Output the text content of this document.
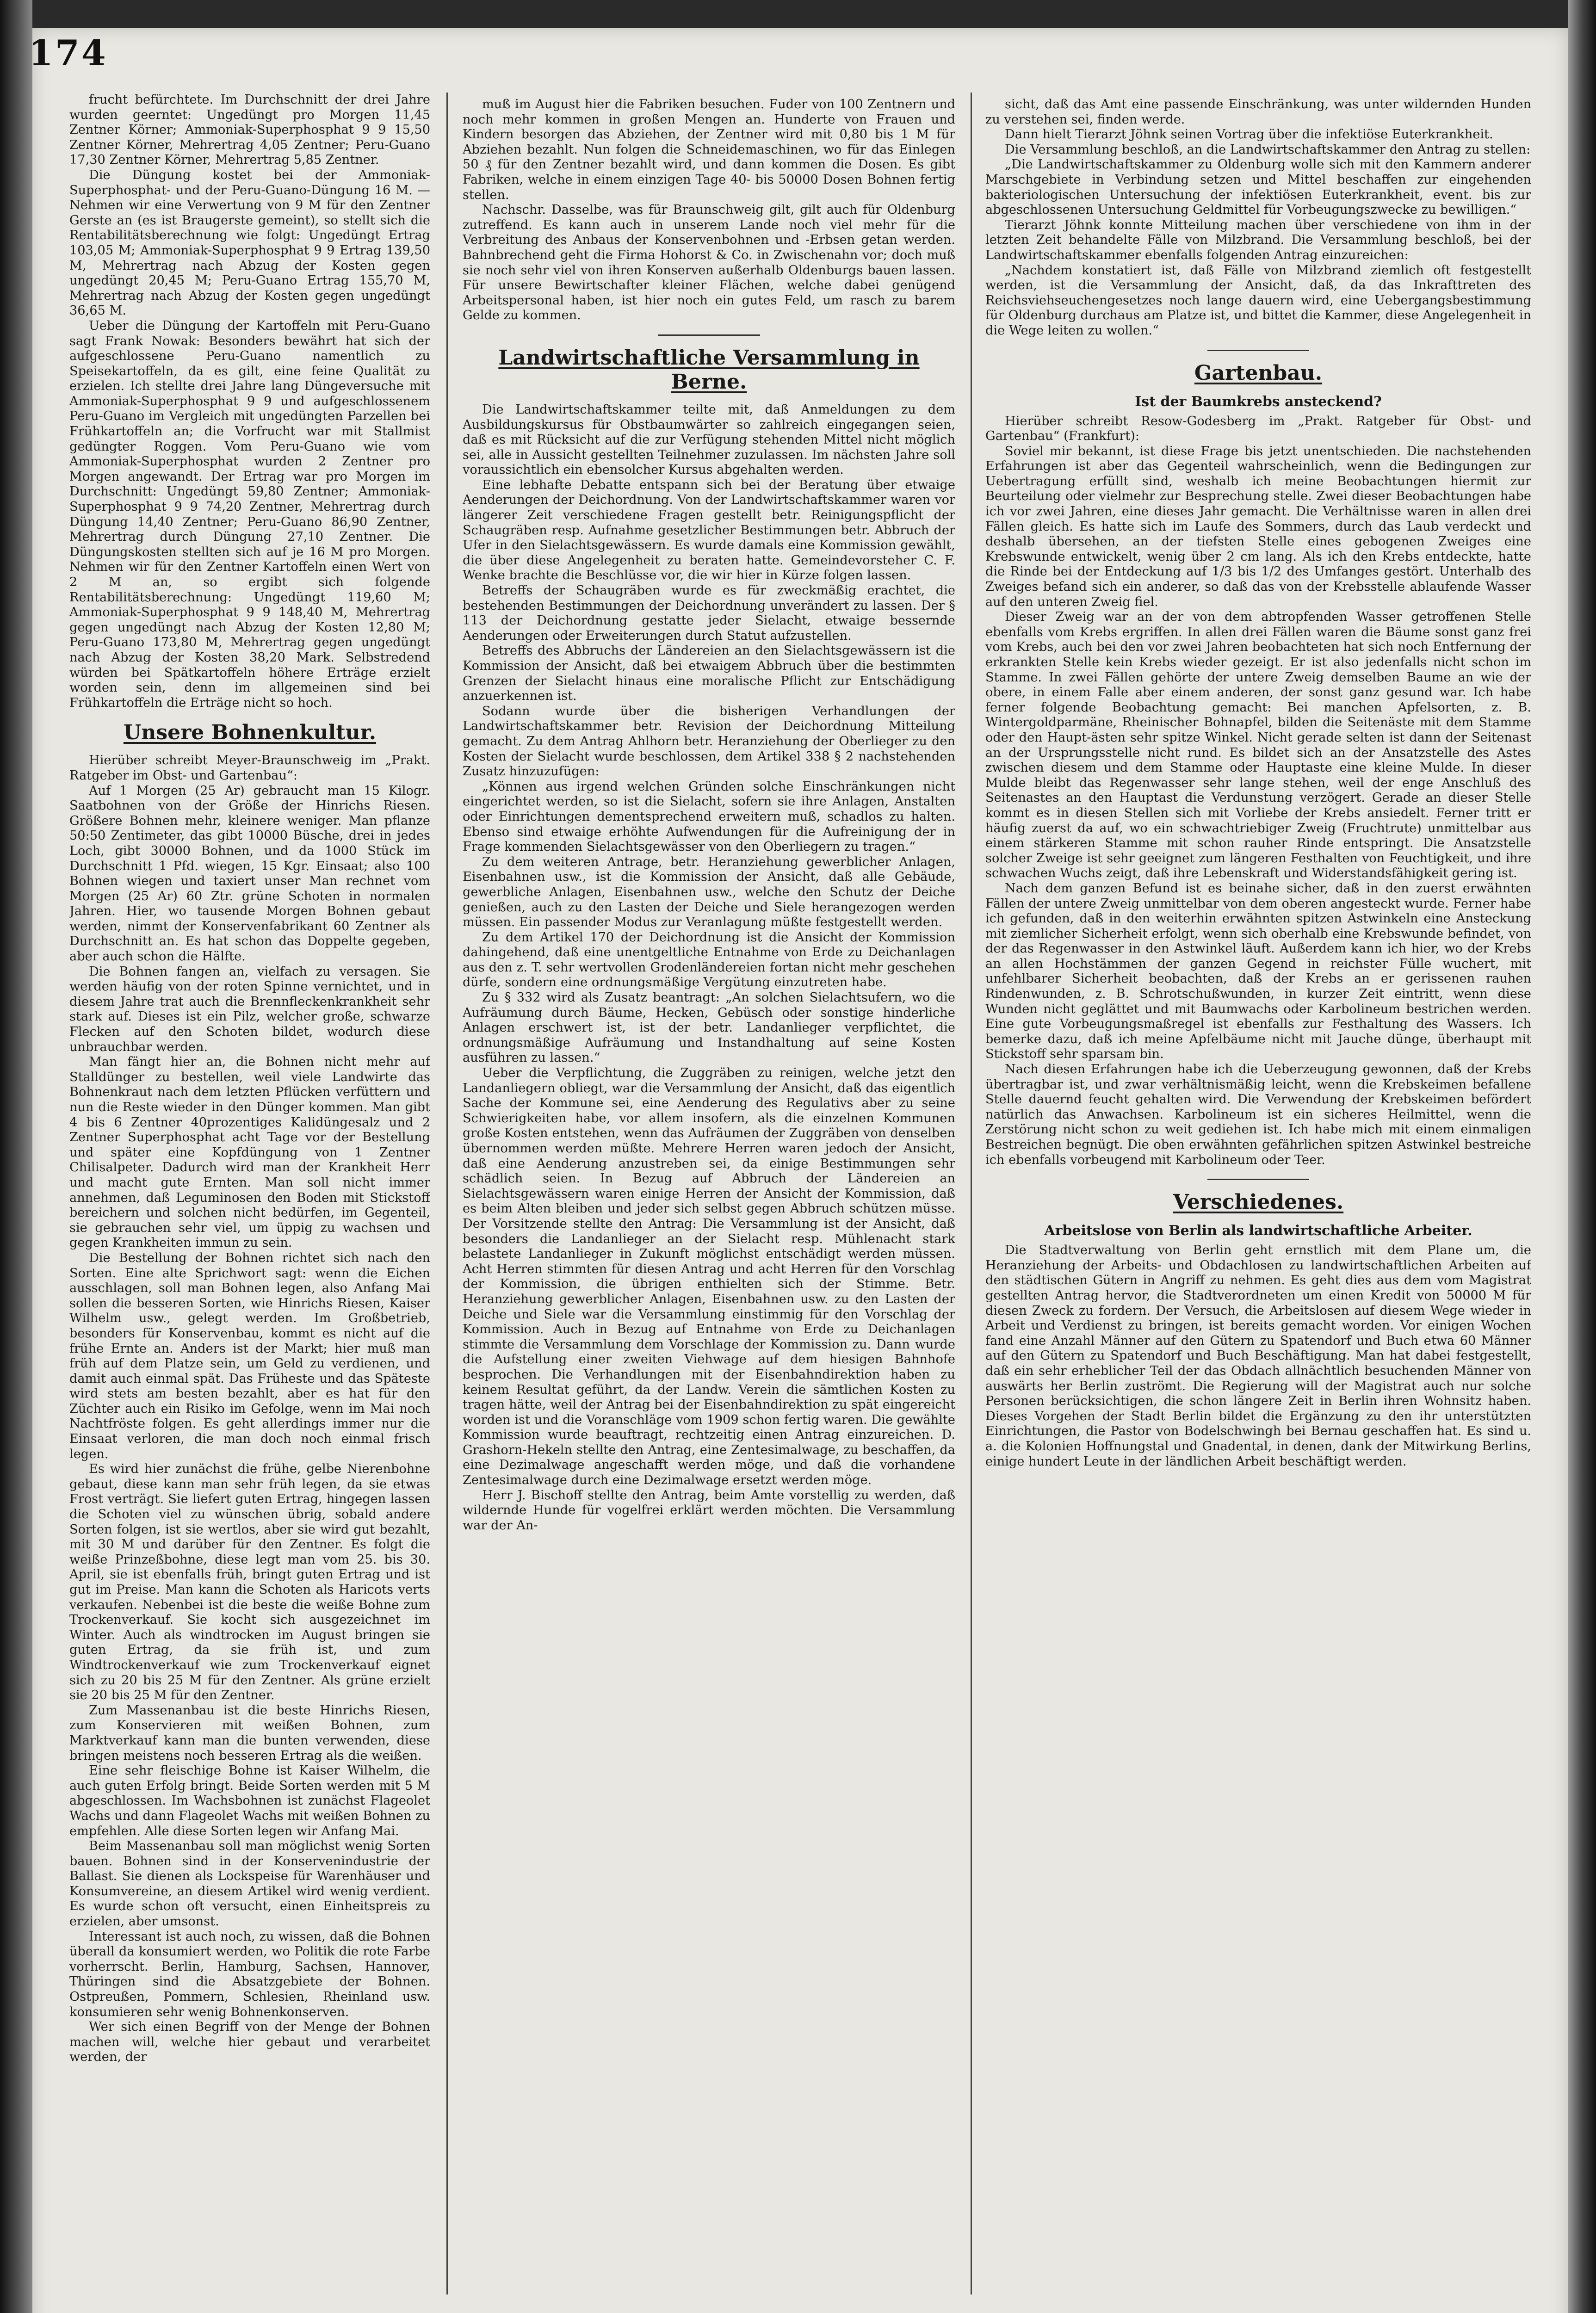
174

frucht befürchtete. Im Durchschnitt der drei Jahre wurden geerntet: Ungedüngt pro Morgen 11,45 Zentner Körner; Ammoniak-Superphosphat 9 9 15,50 Zentner Körner, Mehrertrag 4,05 Zentner; Peru-Guano 17,30 Zentner Körner, Mehrertrag 5,85 Zentner.

Die Düngung kostet bei der Ammoniak-Superphosphat- und der Peru-Guano-Düngung 16 M. — Nehmen wir eine Verwertung von 9 M für den Zentner Gerste an (es ist Braugerste gemeint), so stellt sich die Rentabilitätsberechnung wie folgt: Ungedüngt Ertrag 103,05 M; Ammoniak-Superphosphat 9 9 Ertrag 139,50 M, Mehrertrag nach Abzug der Kosten gegen ungedüngt 20,45 M; Peru-Guano Ertrag 155,70 M, Mehrertrag nach Abzug der Kosten gegen ungedüngt 36,65 M.

Ueber die Düngung der Kartoffeln mit Peru-Guano sagt Frank Nowak: Besonders bewährt hat sich der aufgeschlossene Peru-Guano namentlich zu Speisekartoffeln, da es gilt, eine feine Qualität zu erzielen. Ich stellte drei Jahre lang Düngeversuche mit Ammoniak-Superphosphat 9 9 und aufgeschlossenem Peru-Guano im Vergleich mit ungedüngten Parzellen bei Frühkartoffeln an; die Vorfrucht war mit Stallmist gedüngter Roggen. Vom Peru-Guano wie vom Ammoniak-Superphosphat wurden 2 Zentner pro Morgen angewandt. Der Ertrag war pro Morgen im Durchschnitt: Ungedüngt 59,80 Zentner; Ammoniak-Superphosphat 9 9 74,20 Zentner, Mehrertrag durch Düngung 14,40 Zentner; Peru-Guano 86,90 Zentner, Mehrertrag durch Düngung 27,10 Zentner. Die Düngungskosten stellten sich auf je 16 M pro Morgen. Nehmen wir für den Zentner Kartoffeln einen Wert von 2 M an, so ergibt sich folgende Rentabilitätsberechnung: Ungedüngt 119,60 M; Ammoniak-Superphosphat 9 9 148,40 M, Mehrertrag gegen ungedüngt nach Abzug der Kosten 12,80 M; Peru-Guano 173,80 M, Mehrertrag gegen ungedüngt nach Abzug der Kosten 38,20 Mark. Selbstredend würden bei Spätkartoffeln höhere Erträge erzielt worden sein, denn im allgemeinen sind bei Frühkartoffeln die Erträge nicht so hoch.

Unsere Bohnenkultur.

Hierüber schreibt Meyer-Braunschweig im „Prakt. Ratgeber im Obst- und Gartenbau“:

Auf 1 Morgen (25 Ar) gebraucht man 15 Kilogr. Saatbohnen von der Größe der Hinrichs Riesen. Größere Bohnen mehr, kleinere weniger. Man pflanze 50:50 Zentimeter, das gibt 10000 Büsche, drei in jedes Loch, gibt 30000 Bohnen, und da 1000 Stück im Durchschnitt 1 Pfd. wiegen, 15 Kgr. Einsaat; also 100 Bohnen wiegen und taxiert unser Man rechnet vom Morgen (25 Ar) 60 Ztr. grüne Schoten in normalen Jahren. Hier, wo tausende Morgen Bohnen gebaut werden, nimmt der Konservenfabrikant 60 Zentner als Durchschnitt an. Es hat schon das Doppelte gegeben, aber auch schon die Hälfte.

Die Bohnen fangen an, vielfach zu versagen. Sie werden häufig von der roten Spinne vernichtet, und in diesem Jahre trat auch die Brennfleckenkrankheit sehr stark auf. Dieses ist ein Pilz, welcher große, schwarze Flecken auf den Schoten bildet, wodurch diese unbrauchbar werden.

Man fängt hier an, die Bohnen nicht mehr auf Stalldünger zu bestellen, weil viele Landwirte das Bohnenkraut nach dem letzten Pflücken verfüttern und nun die Reste wieder in den Dünger kommen. Man gibt 4 bis 6 Zentner 40prozentiges Kalidüngesalz und 2 Zentner Superphosphat acht Tage vor der Bestellung und später eine Kopfdüngung von 1 Zentner Chilisalpeter. Dadurch wird man der Krankheit Herr und macht gute Ernten. Man soll nicht immer annehmen, daß Leguminosen den Boden mit Stickstoff bereichern und solchen nicht bedürfen, im Gegenteil, sie gebrauchen sehr viel, um üppig zu wachsen und gegen Krankheiten immun zu sein.

Die Bestellung der Bohnen richtet sich nach den Sorten. Eine alte Sprichwort sagt: wenn die Eichen ausschlagen, soll man Bohnen legen, also Anfang Mai sollen die besseren Sorten, wie Hinrichs Riesen, Kaiser Wilhelm usw., gelegt werden. Im Großbetrieb, besonders für Konservenbau, kommt es nicht auf die frühe Ernte an. Anders ist der Markt; hier muß man früh auf dem Platze sein, um Geld zu verdienen, und damit auch einmal spät. Das Früheste und das Späteste wird stets am besten bezahlt, aber es hat für den Züchter auch ein Risiko im Gefolge, wenn im Mai noch Nachtfröste folgen. Es geht allerdings immer nur die Einsaat verloren, die man doch noch einmal frisch legen.

Es wird hier zunächst die frühe, gelbe Nierenbohne gebaut, diese kann man sehr früh legen, da sie etwas Frost verträgt. Sie liefert guten Ertrag, hingegen lassen die Schoten viel zu wünschen übrig, sobald andere Sorten folgen, ist sie wertlos, aber sie wird gut bezahlt, mit 30 M und darüber für den Zentner. Es folgt die weiße Prinzeßbohne, diese legt man vom 25. bis 30. April, sie ist ebenfalls früh, bringt guten Ertrag und ist gut im Preise. Man kann die Schoten als Haricots verts verkaufen. Nebenbei ist die beste die weiße Bohne zum Trockenverkauf. Sie kocht sich ausgezeichnet im Winter. Auch als windtrocken im August bringen sie guten Ertrag, da sie früh ist, und zum Windtrockenverkauf wie zum Trockenverkauf eignet sich zu 20 bis 25 M für den Zentner. Als grüne erzielt sie 20 bis 25 M für den Zentner.

Zum Massenanbau ist die beste Hinrichs Riesen, zum Konservieren mit weißen Bohnen, zum Marktverkauf kann man die bunten verwenden, diese bringen meistens noch besseren Ertrag als die weißen.

Eine sehr fleischige Bohne ist Kaiser Wilhelm, die auch guten Erfolg bringt. Beide Sorten werden mit 5 M abgeschlossen. Im Wachsbohnen ist zunächst Flageolet Wachs und dann Flageolet Wachs mit weißen Bohnen zu empfehlen. Alle diese Sorten legen wir Anfang Mai.

Beim Massenanbau soll man möglichst wenig Sorten bauen. Bohnen sind in der Konservenindustrie der Ballast. Sie dienen als Lockspeise für Warenhäuser und Konsumvereine, an diesem Artikel wird wenig verdient. Es wurde schon oft versucht, einen Einheitspreis zu erzielen, aber umsonst.

Interessant ist auch noch, zu wissen, daß die Bohnen überall da konsumiert werden, wo Politik die rote Farbe vorherrscht. Berlin, Hamburg, Sachsen, Hannover, Thüringen sind die Absatzgebiete der Bohnen. Ostpreußen, Pommern, Schlesien, Rheinland usw. konsumieren sehr wenig Bohnenkonserven.

Wer sich einen Begriff von der Menge der Bohnen machen will, welche hier gebaut und verarbeitet werden, der

muß im August hier die Fabriken besuchen. Fuder von 100 Zentnern und noch mehr kommen in großen Mengen an. Hunderte von Frauen und Kindern besorgen das Abziehen, der Zentner wird mit 0,80 bis 1 M für Abziehen bezahlt. Nun folgen die Schneidemaschinen, wo für das Einlegen 50 ₰ für den Zentner bezahlt wird, und dann kommen die Dosen. Es gibt Fabriken, welche in einem einzigen Tage 40- bis 50000 Dosen Bohnen fertig stellen.

Nachschr. Dasselbe, was für Braunschweig gilt, gilt auch für Oldenburg zutreffend. Es kann auch in unserem Lande noch viel mehr für die Verbreitung des Anbaus der Konservenbohnen und -Erbsen getan werden. Bahnbrechend geht die Firma Hohorst & Co. in Zwischenahn vor; doch muß sie noch sehr viel von ihren Konserven außerhalb Oldenburgs bauen lassen. Für unsere Bewirtschafter kleiner Flächen, welche dabei genügend Arbeitspersonal haben, ist hier noch ein gutes Feld, um rasch zu barem Gelde zu kommen.

Landwirtschaftliche Versammlung in Berne.

Die Landwirtschaftskammer teilte mit, daß Anmeldungen zu dem Ausbildungskursus für Obstbaumwärter so zahlreich eingegangen seien, daß es mit Rücksicht auf die zur Verfügung stehenden Mittel nicht möglich sei, alle in Aussicht gestellten Teilnehmer zuzulassen. Im nächsten Jahre soll voraussichtlich ein ebensolcher Kursus abgehalten werden.

Eine lebhafte Debatte entspann sich bei der Beratung über etwaige Aenderungen der Deichordnung. Von der Landwirtschaftskammer waren vor längerer Zeit verschiedene Fragen gestellt betr. Reinigungspflicht der Schaugräben resp. Aufnahme gesetzlicher Bestimmungen betr. Abbruch der Ufer in den Sielachtsgewässern. Es wurde damals eine Kommission gewählt, die über diese Angelegenheit zu beraten hatte. Gemeindevorsteher C. F. Wenke brachte die Beschlüsse vor, die wir hier in Kürze folgen lassen.

Betreffs der Schaugräben wurde es für zweckmäßig erachtet, die bestehenden Bestimmungen der Deichordnung unverändert zu lassen. Der § 113 der Deichordnung gestatte jeder Sielacht, etwaige bessernde Aenderungen oder Erweiterungen durch Statut aufzustellen.

Betreffs des Abbruchs der Ländereien an den Sielachtsgewässern ist die Kommission der Ansicht, daß bei etwaigem Abbruch über die bestimmten Grenzen der Sielacht hinaus eine moralische Pflicht zur Entschädigung anzuerkennen ist.

Sodann wurde über die bisherigen Verhandlungen der Landwirtschaftskammer betr. Revision der Deichordnung Mitteilung gemacht. Zu dem Antrag Ahlhorn betr. Heranziehung der Oberlieger zu den Kosten der Sielacht wurde beschlossen, dem Artikel 338 § 2 nachstehenden Zusatz hinzuzufügen:

„Können aus irgend welchen Gründen solche Einschränkungen nicht eingerichtet werden, so ist die Sielacht, sofern sie ihre Anlagen, Anstalten oder Einrichtungen dementsprechend erweitern muß, schadlos zu halten. Ebenso sind etwaige erhöhte Aufwendungen für die Aufreinigung der in Frage kommenden Sielachtsgewässer von den Oberliegern zu tragen.“

Zu dem weiteren Antrage, betr. Heranziehung gewerblicher Anlagen, Eisenbahnen usw., ist die Kommission der Ansicht, daß alle Gebäude, gewerbliche Anlagen, Eisenbahnen usw., welche den Schutz der Deiche genießen, auch zu den Lasten der Deiche und Siele herangezogen werden müssen. Ein passender Modus zur Veranlagung müßte festgestellt werden.

Zu dem Artikel 170 der Deichordnung ist die Ansicht der Kommission dahingehend, daß eine unentgeltliche Entnahme von Erde zu Deichanlagen aus den z. T. sehr wertvollen Grodenländereien fortan nicht mehr geschehen dürfe, sondern eine ordnungsmäßige Vergütung einzutreten habe.

Zu § 332 wird als Zusatz beantragt: „An solchen Sielachtsufern, wo die Aufräumung durch Bäume, Hecken, Gebüsch oder sonstige hinderliche Anlagen erschwert ist, ist der betr. Landanlieger verpflichtet, die ordnungsmäßige Aufräumung und Instandhaltung auf seine Kosten ausführen zu lassen.“

Ueber die Verpflichtung, die Zuggräben zu reinigen, welche jetzt den Landanliegern obliegt, war die Versammlung der Ansicht, daß das eigentlich Sache der Kommune sei, eine Aenderung des Regulativs aber zu seine Schwierigkeiten habe, vor allem insofern, als die einzelnen Kommunen große Kosten entstehen, wenn das Aufräumen der Zuggräben von denselben übernommen werden müßte. Mehrere Herren waren jedoch der Ansicht, daß eine Aenderung anzustreben sei, da einige Bestimmungen sehr schädlich seien. In Bezug auf Abbruch der Ländereien an Sielachtsgewässern waren einige Herren der Ansicht der Kommission, daß es beim Alten bleiben und jeder sich selbst gegen Abbruch schützen müsse. Der Vorsitzende stellte den Antrag: Die Versammlung ist der Ansicht, daß besonders die Landanlieger an der Sielacht resp. Mühlenacht stark belastete Landanlieger in Zukunft möglichst entschädigt werden müssen. Acht Herren stimmten für diesen Antrag und acht Herren für den Vorschlag der Kommission, die übrigen enthielten sich der Stimme. Betr. Heranziehung gewerblicher Anlagen, Eisenbahnen usw. zu den Lasten der Deiche und Siele war die Versammlung einstimmig für den Vorschlag der Kommission. Auch in Bezug auf Entnahme von Erde zu Deichanlagen stimmte die Versammlung dem Vorschlage der Kommission zu. Dann wurde die Aufstellung einer zweiten Viehwage auf dem hiesigen Bahnhofe besprochen. Die Verhandlungen mit der Eisenbahndirektion haben zu keinem Resultat geführt, da der Landw. Verein die sämtlichen Kosten zu tragen hätte, weil der Antrag bei der Eisenbahndirektion zu spät eingereicht worden ist und die Voranschläge vom 1909 schon fertig waren. Die gewählte Kommission wurde beauftragt, rechtzeitig einen Antrag einzureichen. D. Grashorn-Hekeln stellte den Antrag, eine Zentesimalwage, zu beschaffen, da eine Dezimalwage angeschafft werden möge, und daß die vorhandene Zentesimalwage durch eine Dezimalwage ersetzt werden möge.

Herr J. Bischoff stellte den Antrag, beim Amte vorstellig zu werden, daß wildernde Hunde für vogelfrei erklärt werden möchten. Die Versammlung war der An-

sicht, daß das Amt eine passende Einschränkung, was unter wildernden Hunden zu verstehen sei, finden werde.

Dann hielt Tierarzt Jöhnk seinen Vortrag über die infektiöse Euterkrankheit.

Die Versammlung beschloß, an die Landwirtschaftskammer den Antrag zu stellen:

„Die Landwirtschaftskammer zu Oldenburg wolle sich mit den Kammern anderer Marschgebiete in Verbindung setzen und Mittel beschaffen zur eingehenden bakteriologischen Untersuchung der infektiösen Euterkrankheit, event. bis zur abgeschlossenen Untersuchung Geldmittel für Vorbeugungszwecke zu bewilligen.“

Tierarzt Jöhnk konnte Mitteilung machen über verschiedene von ihm in der letzten Zeit behandelte Fälle von Milzbrand. Die Versammlung beschloß, bei der Landwirtschaftskammer ebenfalls folgenden Antrag einzureichen:

„Nachdem konstatiert ist, daß Fälle von Milzbrand ziemlich oft festgestellt werden, ist die Versammlung der Ansicht, daß, da das Inkrafttreten des Reichsviehseuchengesetzes noch lange dauern wird, eine Uebergangsbestimmung für Oldenburg durchaus am Platze ist, und bittet die Kammer, diese Angelegenheit in die Wege leiten zu wollen.“

Gartenbau.
Ist der Baumkrebs ansteckend?

Hierüber schreibt Resow-Godesberg im „Prakt. Ratgeber für Obst- und Gartenbau“ (Frankfurt):

Soviel mir bekannt, ist diese Frage bis jetzt unentschieden. Die nachstehenden Erfahrungen ist aber das Gegenteil wahrscheinlich, wenn die Bedingungen zur Uebertragung erfüllt sind, weshalb ich meine Beobachtungen hiermit zur Beurteilung oder vielmehr zur Besprechung stelle. Zwei dieser Beobachtungen habe ich vor zwei Jahren, eine dieses Jahr gemacht. Die Verhältnisse waren in allen drei Fällen gleich. Es hatte sich im Laufe des Sommers, durch das Laub verdeckt und deshalb übersehen, an der tiefsten Stelle eines gebogenen Zweiges eine Krebswunde entwickelt, wenig über 2 cm lang. Als ich den Krebs entdeckte, hatte die Rinde bei der Entdeckung auf 1/3 bis 1/2 des Umfanges gestört. Unterhalb des Zweiges befand sich ein anderer, so daß das von der Krebsstelle ablaufende Wasser auf den unteren Zweig fiel.

Dieser Zweig war an der von dem abtropfenden Wasser getroffenen Stelle ebenfalls vom Krebs ergriffen. In allen drei Fällen waren die Bäume sonst ganz frei vom Krebs, auch bei den vor zwei Jahren beobachteten hat sich noch Entfernung der erkrankten Stelle kein Krebs wieder gezeigt. Er ist also jedenfalls nicht schon im Stamme. In zwei Fällen gehörte der untere Zweig demselben Baume an wie der obere, in einem Falle aber einem anderen, der sonst ganz gesund war. Ich habe ferner folgende Beobachtung gemacht: Bei manchen Apfelsorten, z. B. Wintergoldparmäne, Rheinischer Bohnapfel, bilden die Seitenäste mit dem Stamme oder den Haupt-ästen sehr spitze Winkel. Nicht gerade selten ist dann der Seitenast an der Ursprungsstelle nicht rund. Es bildet sich an der Ansatzstelle des Astes zwischen diesem und dem Stamme oder Hauptaste eine kleine Mulde. In dieser Mulde bleibt das Regenwasser sehr lange stehen, weil der enge Anschluß des Seitenastes an den Hauptast die Verdunstung verzögert. Gerade an dieser Stelle kommt es in diesen Stellen sich mit Vorliebe der Krebs ansiedelt. Ferner tritt er häufig zuerst da auf, wo ein schwachtriebiger Zweig (Fruchtrute) unmittelbar aus einem stärkeren Stamme mit schon rauher Rinde entspringt. Die Ansatzstelle solcher Zweige ist sehr geeignet zum längeren Festhalten von Feuchtigkeit, und ihre schwachen Wuchs zeigt, daß ihre Lebenskraft und Widerstandsfähigkeit gering ist.

Nach dem ganzen Befund ist es beinahe sicher, daß in den zuerst erwähnten Fällen der untere Zweig unmittelbar von dem oberen angesteckt wurde. Ferner habe ich gefunden, daß in den weiterhin erwähnten spitzen Astwinkeln eine Ansteckung mit ziemlicher Sicherheit erfolgt, wenn sich oberhalb eine Krebswunde befindet, von der das Regenwasser in den Astwinkel läuft. Außerdem kann ich hier, wo der Krebs an allen Hochstämmen der ganzen Gegend in reichster Fülle wuchert, mit unfehlbarer Sicherheit beobachten, daß der Krebs an er gerissenen rauhen Rindenwunden, z. B. Schrotschußwunden, in kurzer Zeit eintritt, wenn diese Wunden nicht geglättet und mit Baumwachs oder Karbolineum bestrichen werden. Eine gute Vorbeugungsmaßregel ist ebenfalls zur Festhaltung des Wassers. Ich bemerke dazu, daß ich meine Apfelbäume nicht mit Jauche dünge, überhaupt mit Stickstoff sehr sparsam bin.

Nach diesen Erfahrungen habe ich die Ueberzeugung gewonnen, daß der Krebs übertragbar ist, und zwar verhältnismäßig leicht, wenn die Krebskeimen befallene Stelle dauernd feucht gehalten wird. Die Verwendung der Krebskeimen befördert natürlich das Anwachsen. Karbolineum ist ein sicheres Heilmittel, wenn die Zerstörung nicht schon zu weit gediehen ist. Ich habe mich mit einem einmaligen Bestreichen begnügt. Die oben erwähnten gefährlichen spitzen Astwinkel bestreiche ich ebenfalls vorbeugend mit Karbolineum oder Teer.

Verschiedenes.
Arbeitslose von Berlin als landwirtschaftliche Arbeiter.

Die Stadtverwaltung von Berlin geht ernstlich mit dem Plane um, die Heranziehung der Arbeits- und Obdachlosen zu landwirtschaftlichen Arbeiten auf den städtischen Gütern in Angriff zu nehmen. Es geht dies aus dem vom Magistrat gestellten Antrag hervor, die Stadtverordneten um einen Kredit von 50000 M für diesen Zweck zu fordern. Der Versuch, die Arbeitslosen auf diesem Wege wieder in Arbeit und Verdienst zu bringen, ist bereits gemacht worden. Vor einigen Wochen fand eine Anzahl Männer auf den Gütern zu Spatendorf und Buch etwa 60 Männer auf den Gütern zu Spatendorf und Buch Beschäftigung. Man hat dabei festgestellt, daß ein sehr erheblicher Teil der das Obdach allnächtlich besuchenden Männer von auswärts her Berlin zuströmt. Die Regierung will der Magistrat auch nur solche Personen berücksichtigen, die schon längere Zeit in Berlin ihren Wohnsitz haben. Dieses Vorgehen der Stadt Berlin bildet die Ergänzung zu den ihr unterstützten Einrichtungen, die Pastor von Bodelschwingh bei Bernau geschaffen hat. Es sind u. a. die Kolonien Hoffnungstal und Gnadental, in denen, dank der Mitwirkung Berlins, einige hundert Leute in der ländlichen Arbeit beschäftigt werden.
